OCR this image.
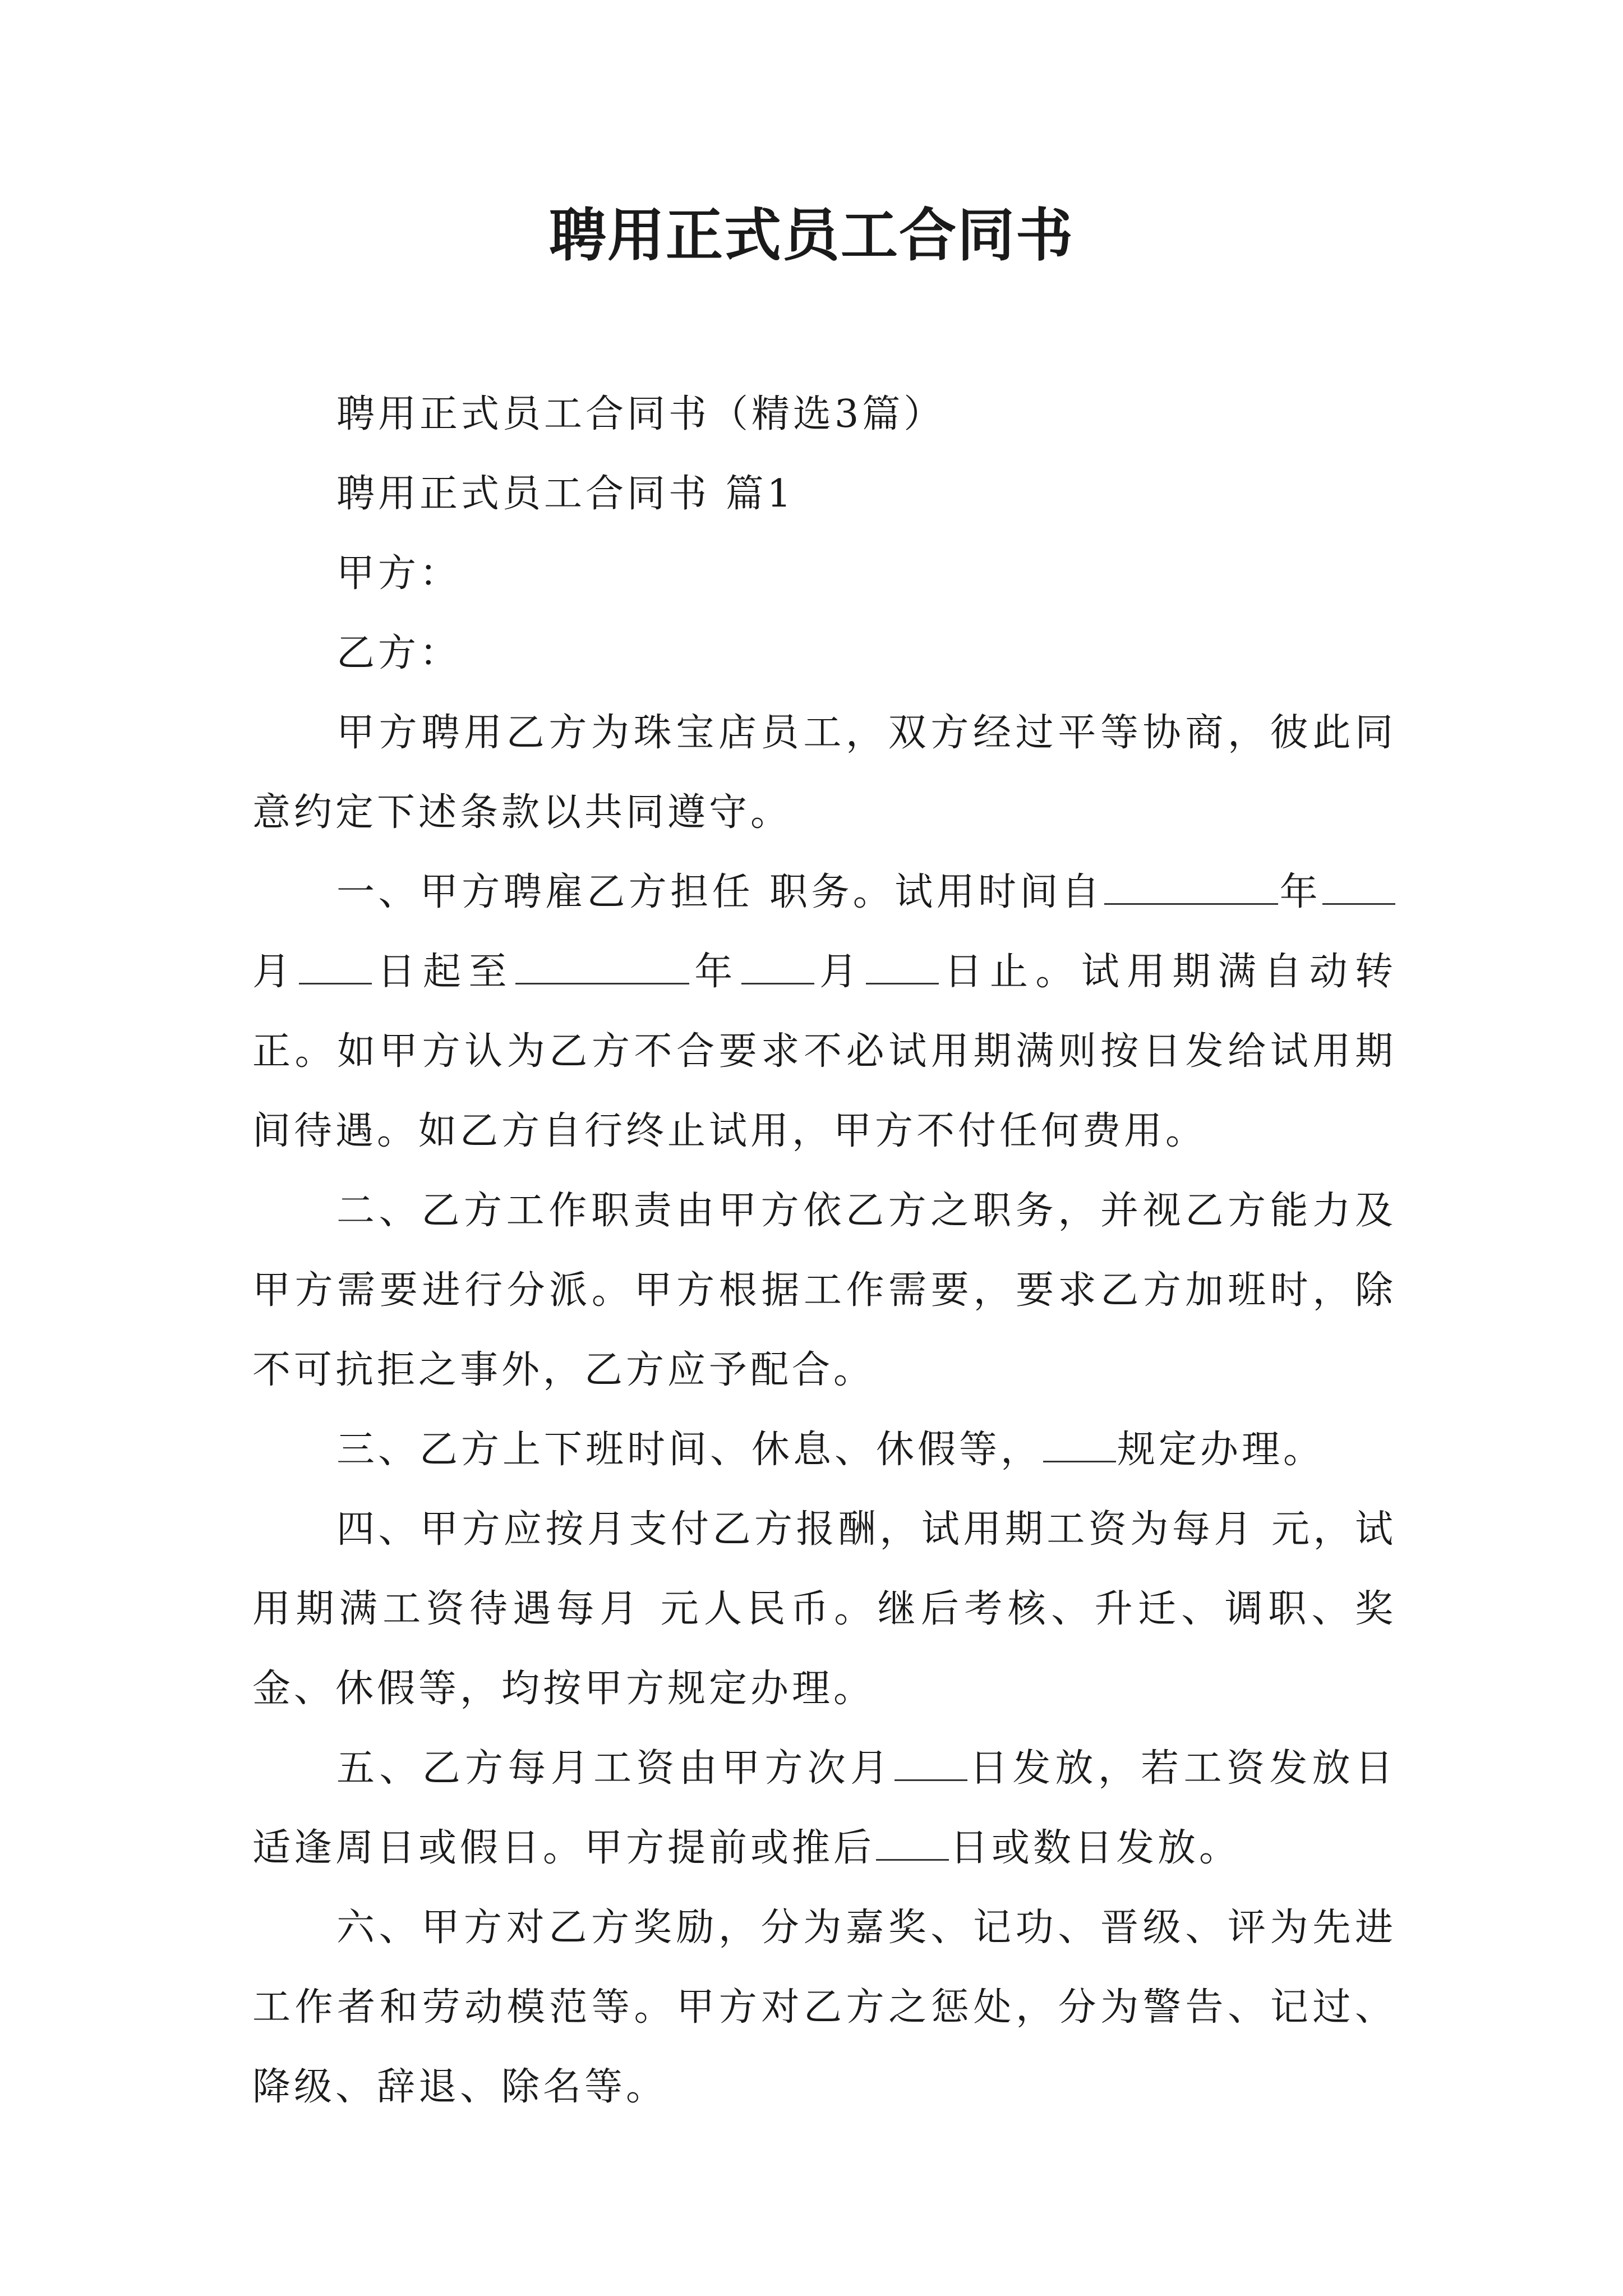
聘用正式员工合同书

聘用正式员工合同书（精选3篇）

聘用正式员工合同书 篇1

甲方：

乙方：

甲方聘用乙方为珠宝店员工，双方经过平等协商，彼此同意约定下述条款以共同遵守。

一、甲方聘雇乙方担任 职务。试用时间自	年月 日起至	年 月 日止。试用期满自动转正。如甲方认为乙方不合要求不必试用期满则按日发给试用期间待遇。如乙方自行终止试用，甲方不付任何费用。

二、乙方工作职责由甲方依乙方之职务，并视乙方能力及甲方需要进行分派。甲方根据工作需要，要求乙方加班时，除不可抗拒之事外，乙方应予配合。

三、乙方上下班时间、休息、休假等， 规定办理。

四、甲方应按月支付乙方报酬，试用期工资为每月 元，试用期满工资待遇每月 元人民币。继后考核、升迁、调职、奖金、休假等，均按甲方规定办理。

五、乙方每月工资由甲方次月 日发放，若工资发放日适逢周日或假日。甲方提前或推后 日或数日发放。

六、甲方对乙方奖励，分为嘉奖、记功、晋级、评为先进工作者和劳动模范等。甲方对乙方之惩处，分为警告、记过、降级、辞退、除名等。
